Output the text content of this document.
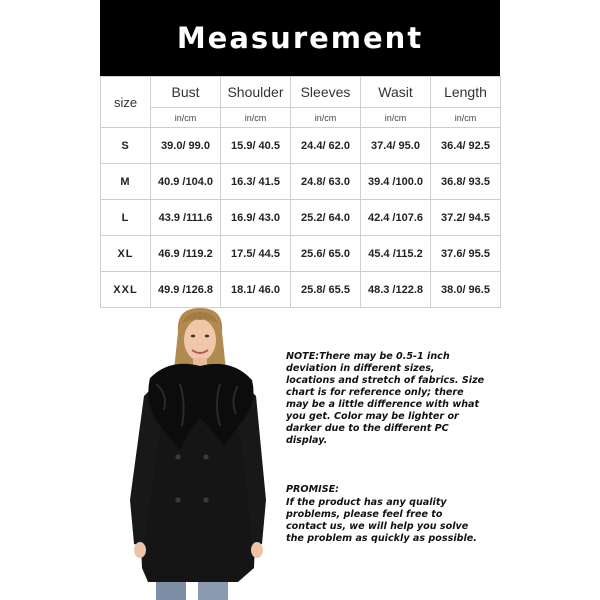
Measurement
size	Bust	Shoulder	Sleeves	Wasit	Length
	in/cm	in/cm	in/cm	in/cm	in/cm
S	39.0/ 99.0	15.9/ 40.5	24.4/ 62.0	37.4/ 95.0	36.4/ 92.5
M	40.9 /104.0	16.3/ 41.5	24.8/ 63.0	39.4 /100.0	36.8/ 93.5
L	43.9 /111.6	16.9/ 43.0	25.2/ 64.0	42.4 /107.6	37.2/ 94.5
XL	46.9 /119.2	17.5/ 44.5	25.6/ 65.0	45.4 /115.2	37.6/ 95.5
XXL	49.9 /126.8	18.1/ 46.0	25.8/ 65.5	48.3 /122.8	38.0/ 96.5
NOTE:There may be 0.5-1 inch deviation in different sizes, locations and stretch of fabrics. Size chart is for reference only; there may be a little difference with what you get. Color may be lighter or darker due to the different PC display.
PROMISE:
If the product has any quality problems, please feel free to contact us, we will help you solve the problem as quickly as possible.
